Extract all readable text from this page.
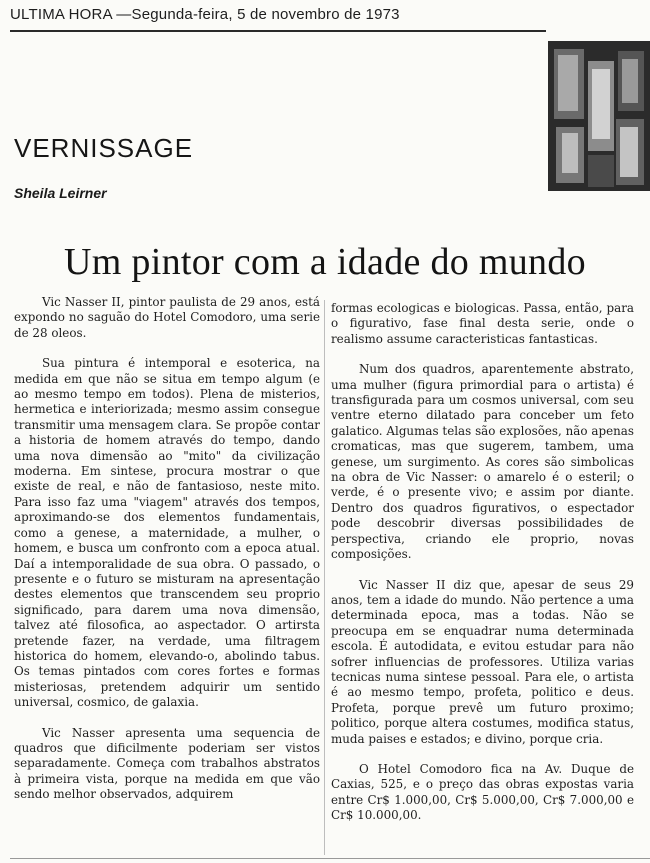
ULTIMA HORA —Segunda-feira, 5 de novembro de 1973
VERNISSAGE
Sheila Leirner
Um pintor com a idade do mundo

Vic Nasser II, pintor paulista de 29 anos, está expondo no saguão do Hotel Comodoro, uma serie de 28 oleos.

Sua pintura é intemporal e esoterica, na medida em que não se situa em tempo algum (e ao mesmo tempo em todos). Plena de misterios, hermetica e interiorizada; mesmo assim consegue transmitir uma mensagem clara. Se propõe contar a historia de homem através do tempo, dando uma nova dimensão ao "mito" da civilização moderna. Em sintese, procura mostrar o que existe de real, e não de fantasioso, neste mito. Para isso faz uma "viagem" através dos tempos, aproximando-se dos elementos fundamentais, como a genese, a maternidade, a mulher, o homem, e busca um confronto com a epoca atual. Daí a intemporalidade de sua obra. O passado, o presente e o futuro se misturam na apresentação destes elementos que transcendem seu proprio significado, para darem uma nova dimensão, talvez até filosofica, ao aspectador. O artirsta pretende fazer, na verdade, uma filtragem historica do homem, elevando-o, abolindo tabus. Os temas pintados com cores fortes e formas misteriosas, pretendem adquirir um sentido universal, cosmico, de galaxia.

Vic Nasser apresenta uma sequencia de quadros que dificilmente poderiam ser vistos separadamente. Começa com trabalhos abstratos à primeira vista, porque na medida em que vão sendo melhor observados, adquirem

formas ecologicas e biologicas. Passa, então, para o figurativo, fase final desta serie, onde o realismo assume caracteristicas fantasticas.

Num dos quadros, aparentemente abstrato, uma mulher (figura primordial para o artista) é transfigurada para um cosmos universal, com seu ventre eterno dilatado para conceber um feto galatico. Algumas telas são explosões, não apenas cromaticas, mas que sugerem, tambem, uma genese, um surgimento. As cores são simbolicas na obra de Vic Nasser: o amarelo é o esteril; o verde, é o presente vivo; e assim por diante. Dentro dos quadros figurativos, o espectador pode descobrir diversas possibilidades de perspectiva, criando ele proprio, novas composições.

Vic Nasser II diz que, apesar de seus 29 anos, tem a idade do mundo. Não pertence a uma determinada epoca, mas a todas. Não se preocupa em se enquadrar numa determinada escola. É autodidata, e evitou estudar para não sofrer influencias de professores. Utiliza varias tecnicas numa sintese pessoal. Para ele, o artista é ao mesmo tempo, profeta, politico e deus. Profeta, porque prevê um futuro proximo; politico, porque altera costumes, modifica status, muda paises e estados; e divino, porque cria.

O Hotel Comodoro fica na Av. Duque de Caxias, 525, e o preço das obras expostas varia entre Cr$ 1.000,00, Cr$ 5.000,00, Cr$ 7.000,00 e Cr$ 10.000,00.
